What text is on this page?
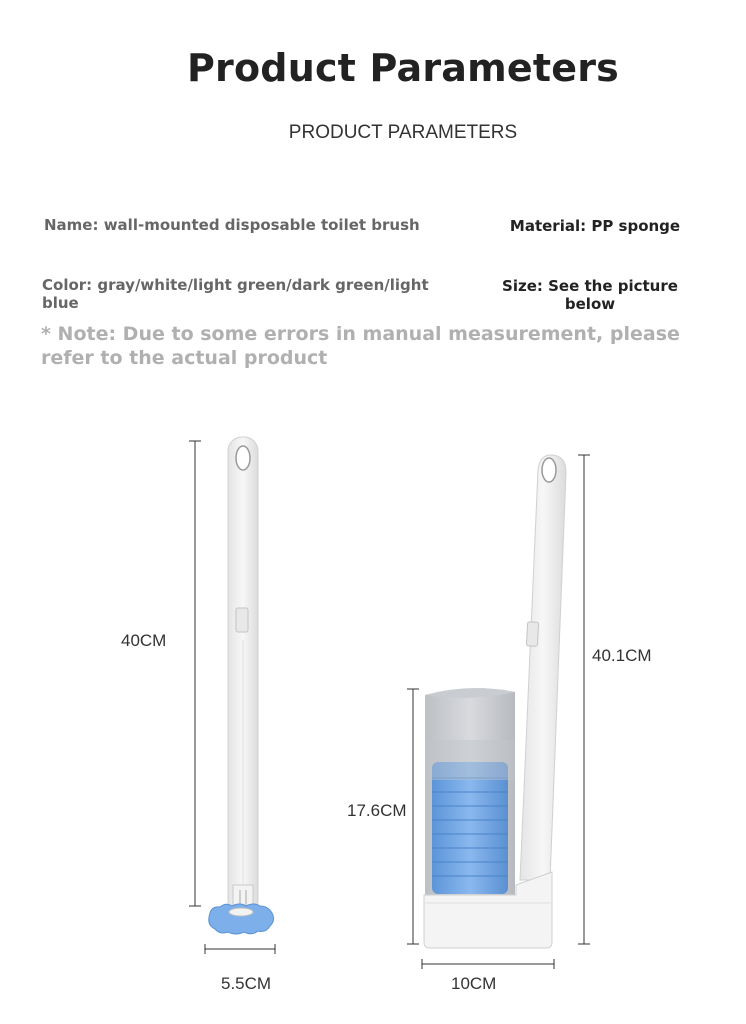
Product Parameters
PRODUCT PARAMETERS
Name: wall-mounted disposable toilet brush	Material: PP sponge
Color: gray/white/light green/dark green/light blue
Size: See the picture below
* Note: Due to some errors in manual measurement, please refer to the actual product
40CM
5.5CM
40.1CM
17.6CM
10CM
